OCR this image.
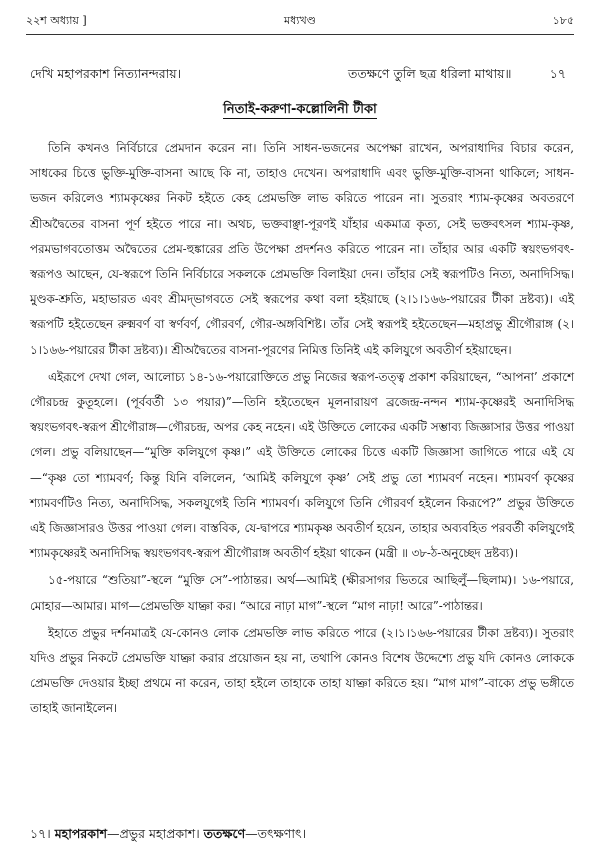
২২শ অধ্যায় ]	মধ্যখণ্ড	১৮৫
দেখি মহাপরকাশ নিত্যানন্দরায়।	ততক্ষণে তুলি ছত্র ধরিলা মাথায়॥	১৭
নিতাই-করুণা-কল্লোলিনী টীকা

তিনি কখনও নির্বিচারে প্রেমদান করেন না। তিনি সাধন-ভজনের অপেক্ষা রাখেন, অপরাধাদির বিচার করেন, সাধকের চিত্তে ভুক্তি-মুক্তি-বাসনা আছে কি না, তাহাও দেখেন। অপরাধাদি এবং ভুক্তি-মুক্তি-বাসনা থাকিলে; সাধন-ভজন করিলেও শ্যামকৃষ্ণের নিকট হইতে কেহ প্রেমভক্তি লাভ করিতে পারেন না। সুতরাং শ্যাম-কৃষ্ণের অবতরণে শ্রীঅদ্বৈতের বাসনা পূর্ণ হইতে পারে না। অথচ, ভক্তবাঞ্ছা-পূরণই যাঁহার একমাত্র কৃত্য, সেই ভক্তবৎসল শ্যাম-কৃষ্ণ, পরমভাগবতোত্তম অদ্বৈতের প্রেম-হুঙ্কারের প্রতি উপেক্ষা প্রদর্শনও করিতে পারেন না। তাঁহার আর একটি স্বয়ংভগবৎ-স্বরূপও আছেন, যে-স্বরূপে তিনি নির্বিচারে সকলকে প্রেমভক্তি বিলাইয়া দেন। তাঁহার সেই স্বরূপটিও নিত্য, অনাদিসিদ্ধ। মুণ্ডক-শ্রুতি, মহাভারত এবং শ্রীমদ্‌ভাগবতে সেই স্বরূপের কথা বলা হইয়াছে (২।১।১৬৬-পয়ারের টীকা দ্রষ্টব্য)। এই স্বরূপটি হইতেছেন রুক্মবর্ণ বা স্বর্ণবর্ণ, গৌরবর্ণ, গৌর-অঙ্গবিশিষ্ট। তাঁর সেই স্বরূপই হইতেছেন—মহাপ্রভু শ্রীগৌরাঙ্গ (২।১।১৬৬-পয়ারের টীকা দ্রষ্টব্য)। শ্রীঅদ্বৈতের বাসনা-পূরণের নিমিত্ত তিনিই এই কলিযুগে অবতীর্ণ হইয়াছেন।

এইরূপে দেখা গেল, আলোচ্য ১৪-১৬-পয়ারোক্তিতে প্রভু নিজের স্বরূপ-তত্ত্ব প্রকাশ করিয়াছেন, “আপনা’ প্রকাশে গৌরচন্দ্র কুতূহলে। (পূর্ববর্তী ১৩ পয়ার)”—তিনি হইতেছেন মূলনারায়ণ ব্রজেন্দ্র-নন্দন শ্যাম-কৃষ্ণেরই অনাদিসিদ্ধ স্বয়ংভগবৎ-স্বরূপ শ্রীগৌরাঙ্গ—গৌরচন্দ্র, অপর কেহ নহেন। এই উক্তিতে লোকের একটি সম্ভাব্য জিজ্ঞাসার উত্তর পাওয়া গেল। প্রভু বলিয়াছেন—“মুক্তি কলিযুগে কৃষ্ণ।” এই উক্তিতে লোকের চিত্তে একটি জিজ্ঞাসা জাগিতে পারে এই যে—“কৃষ্ণ তো শ্যামবর্ণ; কিন্তু যিনি বলিলেন, ‘আমিই কলিযুগে কৃষ্ণ’ সেই প্রভু তো শ্যামবর্ণ নহেন। শ্যামবর্ণ কৃষ্ণের শ্যামবর্ণটিও নিত্য, অনাদিসিদ্ধ, সকলযুগেই তিনি শ্যামবর্ণ। কলিযুগে তিনি গৌরবর্ণ হইলেন কিরূপে?” প্রভুর উক্তিতে এই জিজ্ঞাসারও উত্তর পাওয়া গেল। বাস্তবিক, যে-দ্বাপরে শ্যামকৃষ্ণ অবতীর্ণ হয়েন, তাহার অব্যবহিত পরবর্তী কলিযুগেই শ্যামকৃষ্ণেরই অনাদিসিদ্ধ স্বয়ংভগবৎ-স্বরূপ শ্রীগৌরাঙ্গ অবতীর্ণ হইয়া থাকেন (মন্ত্রী ॥ ৩৮-ঠ-অনুচ্ছেদ দ্রষ্টব্য)।

১৫-পয়ারে “শুতিয়া”-স্থলে “মুক্তি সে”-পাঠান্তর। অর্থ—আমিই (ক্ষীরসাগর ভিতরে আছিলুঁ—ছিলাম)। ১৬-পয়ারে, মোহার—আমার। মাগ—প্রেমভক্তি যাচ্ঞা কর। “আরে নাঢ়া মাগ”-স্থলে “মাগ নাঢ়া! আরে”-পাঠান্তর।

ইহাতে প্রভুর দর্শনমাত্রই যে-কোনও লোক প্রেমভক্তি লাভ করিতে পারে (২।১।১৬৬-পয়ারের টীকা দ্রষ্টব্য)। সুতরাং যদিও প্রভুর নিকটে প্রেমভক্তি যাচ্ঞা করার প্রয়োজন হয় না, তথাপি কোনও বিশেষ উদ্দেশ্যে প্রভু যদি কোনও লোককে প্রেমভক্তি দেওয়ার ইচ্ছা প্রথমে না করেন, তাহা হইলে তাহাকে তাহা যাচ্ঞা করিতে হয়। “মাগ মাগ”-বাক্যে প্রভু ভঙ্গীতে তাহাই জানাইলেন।

১৭। মহাপরকাশ—প্রভুর মহাপ্রকাশ। ততক্ষণে—তৎক্ষণাৎ।
